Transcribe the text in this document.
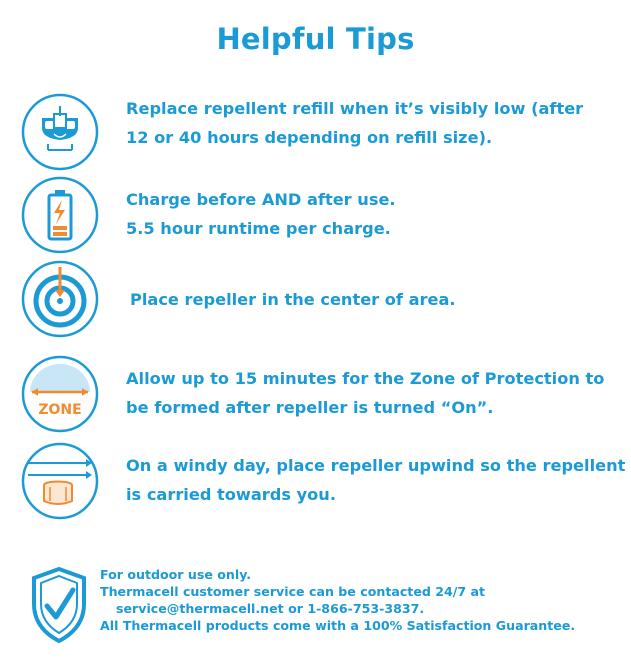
Helpful Tips
Replace repellent refill when it’s visibly low (after
12 or 40 hours depending on refill size).
Charge before AND after use.
5.5 hour runtime per charge.
Place repeller in the center of area.
ZONE
Allow up to 15 minutes for the Zone of Protection to
be formed after repeller is turned “On”.
On a windy day, place repeller upwind so the repellent
is carried towards you.
For outdoor use only.
Thermacell customer service can be contacted 24/7 at
service@thermacell.net or 1-866-753-3837.
All Thermacell products come with a 100% Satisfaction Guarantee.
